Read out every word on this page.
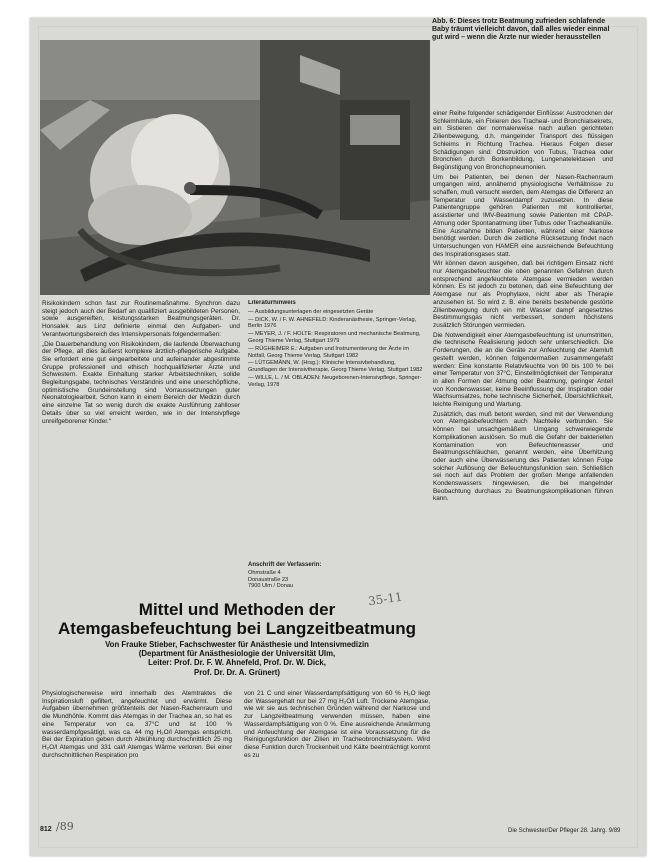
Abb. 6: Dieses trotz Beatmung zufrieden schlafende Baby träumt vielleicht davon, daß alles wieder einmal gut wird – wenn die Ärzte nur wieder herausstellen

Risikokindern schon fast zur Routinemaßnahme. Synchron dazu steigt jedoch auch der Bedarf an qualifiziert ausgebildeten Personen, sowie ausgereiften, leistungsstarken Beatmungsgeräten. Dr. Honsalek aus Linz definierte einmal den Aufgaben- und Verantwortungsbereich des Intensivpersonals folgendermaßen:

„Die Dauerbehandlung von Risikokindern, die laufende Überwachung der Pflege, all dies äußerst komplexe ärztlich-pflegerische Aufgabe. Sie erfordert eine gut eingearbeitete und aufeinander abgestimmte Gruppe professionell und ethisch hochqualifizierter Ärzte und Schwestern. Exakte Einhaltung starker Arbeitstechniken, solide Begleitungsgabe, technisches Verständnis und eine unerschöpfliche, optimistische Grundeinstellung sind Vorraussetzungen guter Neonatologiearbeit. Schon kann in einem Bereich der Medizin durch eine einzelne Tat so wenig durch die exakte Ausführung zahlloser Details über so viel erreicht werden, wie in der Intensivpflege unreifgeborener Kinder.“

Literaturhinweis
— Ausbildungsunterlagen der eingesetzten Geräte
— DICK, W. / F. W. AHNEFELD: Kinderanästhesie, Springer-Verlag, Berlin 1976
— MEYER, J. / F. HOLTE: Respiratoren und mechanische Beatmung, Georg Thieme Verlag, Stuttgart 1979
— RÜGHEIMER E.: Aufgaben und Instrumentierung der Ärzte im Notfall, Georg Thieme Verlag, Stuttgart 1982
— LÜTGEMÄNN, W. (Hrsg.): Klinische Intensivbehandlung, Grundlagen der Intensivtherapie, Georg Thieme Verlag, Stuttgart 1982
— WILLE, L. / M. OBLADEN: Neugeborenen-Intensivpflege, Springer-Verlag, 1978
Anschrift der Verfasserin:
Ohmstraße 4
Donaustraße 23
7900 Ulm / Donau
35-11
Mittel und Methoden der
Atemgasbefeuchtung bei Langzeitbeatmung
Von Frauke Stieber, Fachschwester für Anästhesie und Intensivmedizin
(Department für Anästhesiologie der Universität Ulm,
Leiter: Prof. Dr. F. W. Ahnefeld, Prof. Dr. W. Dick,
Prof. Dr. Dr. A. Grünert)

Physiologischerweise wird innerhalb des Atemtraktes die Inspirationsluft gefiltert, angefeuchtet und erwärmt. Diese Aufgaben übernehmen größtenteils der Nasen-Rachenraum und die Mundhöhle. Kommt das Atemgas in der Trachea an, so hat es eine Temperatur von ca. 37°C und ist 100 % wasserdampfgesättigt, was ca. 44 mg H₂O/l Atemgas entspricht. Bei der Expiration geben durch Abkühlung durchschnittlich 25 mg H₂O/l Atemgas und 331 cal/l Atemgas Wärme verloren. Bei einer durchschnittlichen Respiration pro

von 21 C und einer Wasserdampfsättigung von 60 % H₂O liegt der Wassergehalt nur bei 27 mg H₂O/l Luft. Trockene Atemgase, wie wir sie aus technischen Gründen während der Narkose und zur Langzeitbeatmung verwenden müssen, haben eine Wasserdampfsättigung von 0 %. Eine ausreichende Anwärmung und Anfeuchtung der Atemgase ist eine Voraussetzung für die Reinigungsfunktion der Zilien im Tracheobronchialsystem. Wird diese Funktion durch Trockenheit und Kälte beeinträchtigt kommt es zu

einer Reihe folgender schädigender Einflüsse: Austrocknen der Schleimhäute, ein Fixieren des Tracheal- und Bronchialsekrets, ein Sistieren der normalerweise nach außen gerichteten Zilienbewegung, d.h. mangelnder Transport des flüssigen Schleims in Richtung Trachea. Hieraus Folgen dieser Schädigungen sind: Obstruktion von Tubus, Trachea oder Bronchien durch Borkenbildung, Lungenatelektasen und Begünstigung von Bronchopneumonien.

Um bei Patienten, bei denen der Nasen-Rachenraum umgangen wird, annähernd physiologische Verhältnisse zu schaffen, muß versucht werden, dem Atemgas die Differenz an Temperatur und Wasserdampf zuzusetzen. In diese Patientengruppe gehören Patienten mit kontrollierter, assistierter und IMV-Beatmung sowie Patienten mit CPAP-Atmung oder Spontanatmung über Tubus oder Trachealkanüle. Eine Ausnahme bilden Patienten, während einer Narkose benötigt werden. Durch die zeitliche Rücksetzung findet nach Untersuchungen von HAMER eine ausreichende Befeuchtung des Inspirationsgases statt.

Wir können davon ausgehen, daß bei richtigem Einsatz nicht nur Atemgasbefeuchter die oben genannten Gefahren durch entsprechend angefeuchtete Atemgase vermieden werden können. Es ist jedoch zu betonen, daß eine Befeuchtung der Atemgase nur als Prophylaxe, nicht aber als Therapie anzusehen ist. So wird z. B. eine bereits bestehende gestörte Zilienbewegung durch ein mit Wasser dampf angesetztes Bestimmungsgas nicht verbessert, sondern höchstens zusätzlich Störungen vermieden.

Die Notwendigkeit einer Atemgasbefeuchtung ist unumstritten, die technische Realisierung jedoch sehr unterschiedlich. Die Forderungen, die an die Geräte zur Anfeuchtung der Atemluft gestellt werden, können folgendermaßen zusammengefaßt werden: Eine konstante Relativfeuchte von 90 bis 100 % bei einer Temperatur von 37°C, Einstellmöglichkeit der Temperatur in allen Formen der Atmung oder Beatmung, geringer Anteil von Kondenswasser, keine Beeinflussung der Inspiration oder Wachsumsatzes, hohe technische Sicherheit, Übersichtlichkeit, leichte Reinigung und Wartung.

Zusätzlich, das muß betont werden, sind mit der Verwendung von Atemgasbefeuchtern auch Nachteile verbunden. Sie können bei unsachgemäßem Umgang schwerwiegende Komplikationen auslösen. So muß die Gefahr der bakteriellen Kontamination von Befeuchterwasser und Beatmungsschläuchen, genannt werden, eine Überhitzung oder auch eine Überwässerung des Patienten können Folge solcher Auflösung der Befeuchtungsfunktion sein. Schließlich sei noch auf das Problem der großen Menge anfallenden Kondenswassers hingewiesen, die bei mangelnder Beobachtung durchaus zu Beatmungskomplikationen führen kann.

812 /89	Die Schwester/Der Pfleger 28. Jahrg. 9/89
